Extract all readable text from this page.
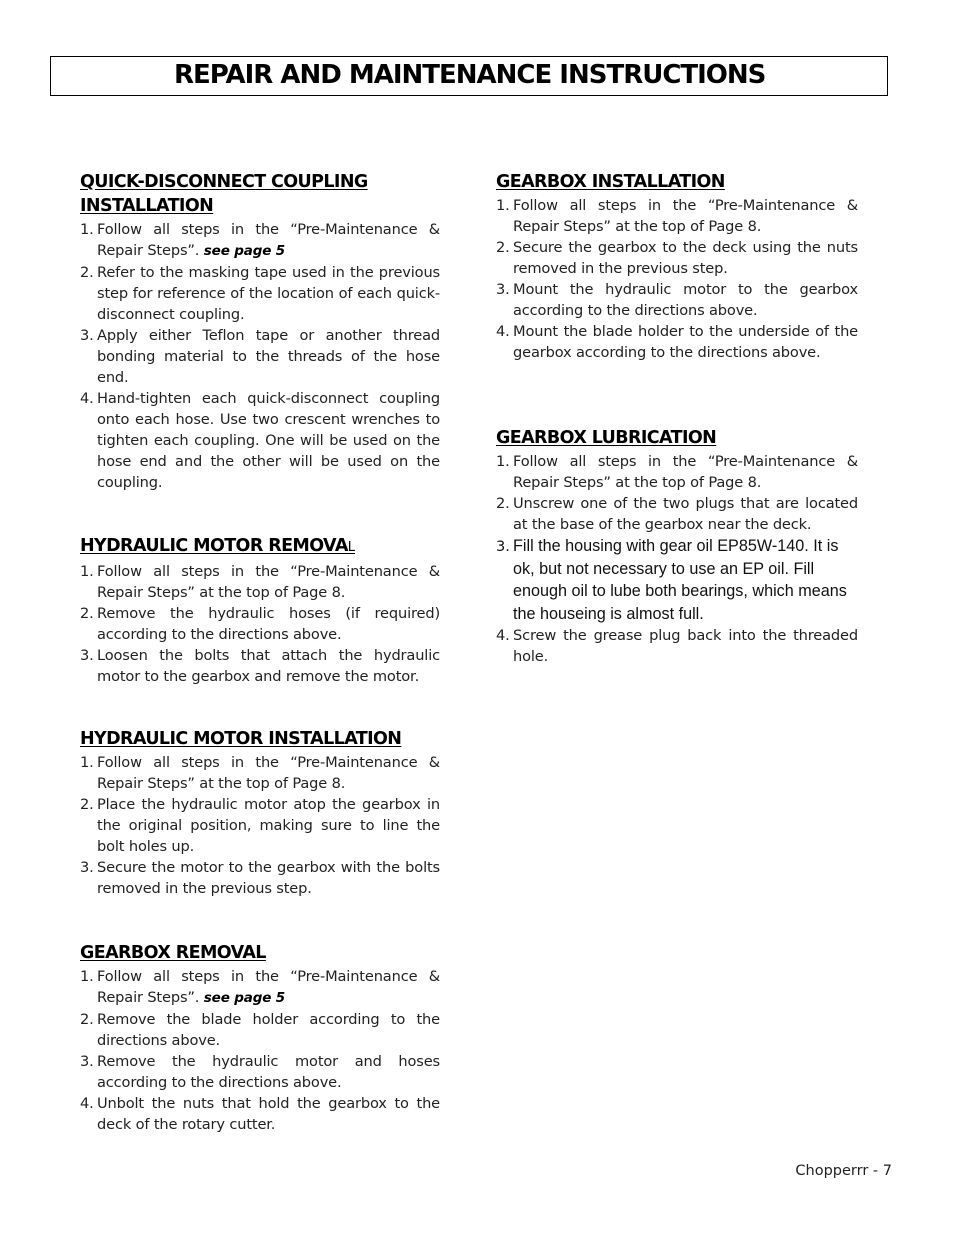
REPAIR AND MAINTENANCE INSTRUCTIONS
QUICK-DISCONNECT COUPLING
INSTALLATION
1. Follow all steps in the “Pre-Maintenance & Repair Steps”. see page 5
2. Refer to the masking tape used in the previous step for reference of the location of each quick-disconnect coupling.
3. Apply either Teflon tape or another thread bonding material to the threads of the hose end.
4. Hand-tighten each quick-disconnect coupling onto each hose. Use two crescent wrenches to tighten each coupling. One will be used on the hose end and the other will be used on the coupling.
HYDRAULIC MOTOR REMOVAL
1. Follow all steps in the “Pre-Maintenance & Repair Steps” at the top of Page 8.
2. Remove the hydraulic hoses (if required) according to the directions above.
3. Loosen the bolts that attach the hydraulic motor to the gearbox and remove the motor.
HYDRAULIC MOTOR INSTALLATION
1. Follow all steps in the “Pre-Maintenance & Repair Steps” at the top of Page 8.
2. Place the hydraulic motor atop the gearbox in the original position, making sure to line the bolt holes up.
3. Secure the motor to the gearbox with the bolts removed in the previous step.
GEARBOX REMOVAL
1. Follow all steps in the “Pre-Maintenance & Repair Steps”. see page 5
2. Remove the blade holder according to the directions above.
3. Remove the hydraulic motor and hoses according to the directions above.
4. Unbolt the nuts that hold the gearbox to the deck of the rotary cutter.
GEARBOX INSTALLATION
1. Follow all steps in the “Pre-Maintenance & Repair Steps” at the top of Page 8.
2. Secure the gearbox to the deck using the nuts removed in the previous step.
3. Mount the hydraulic motor to the gearbox according to the directions above.
4. Mount the blade holder to the underside of the gearbox according to the directions above.
GEARBOX LUBRICATION
1. Follow all steps in the “Pre-Maintenance & Repair Steps” at the top of Page 8.
2. Unscrew one of the two plugs that are located at the base of the gearbox near the deck.
3. Fill the housing with gear oil EP85W-140. It is ok, but not necessary to use an EP oil. Fill enough oil to lube both bearings, which means the houseing is almost full.
4. Screw the grease plug back into the threaded hole.
Chopperrr - 7
